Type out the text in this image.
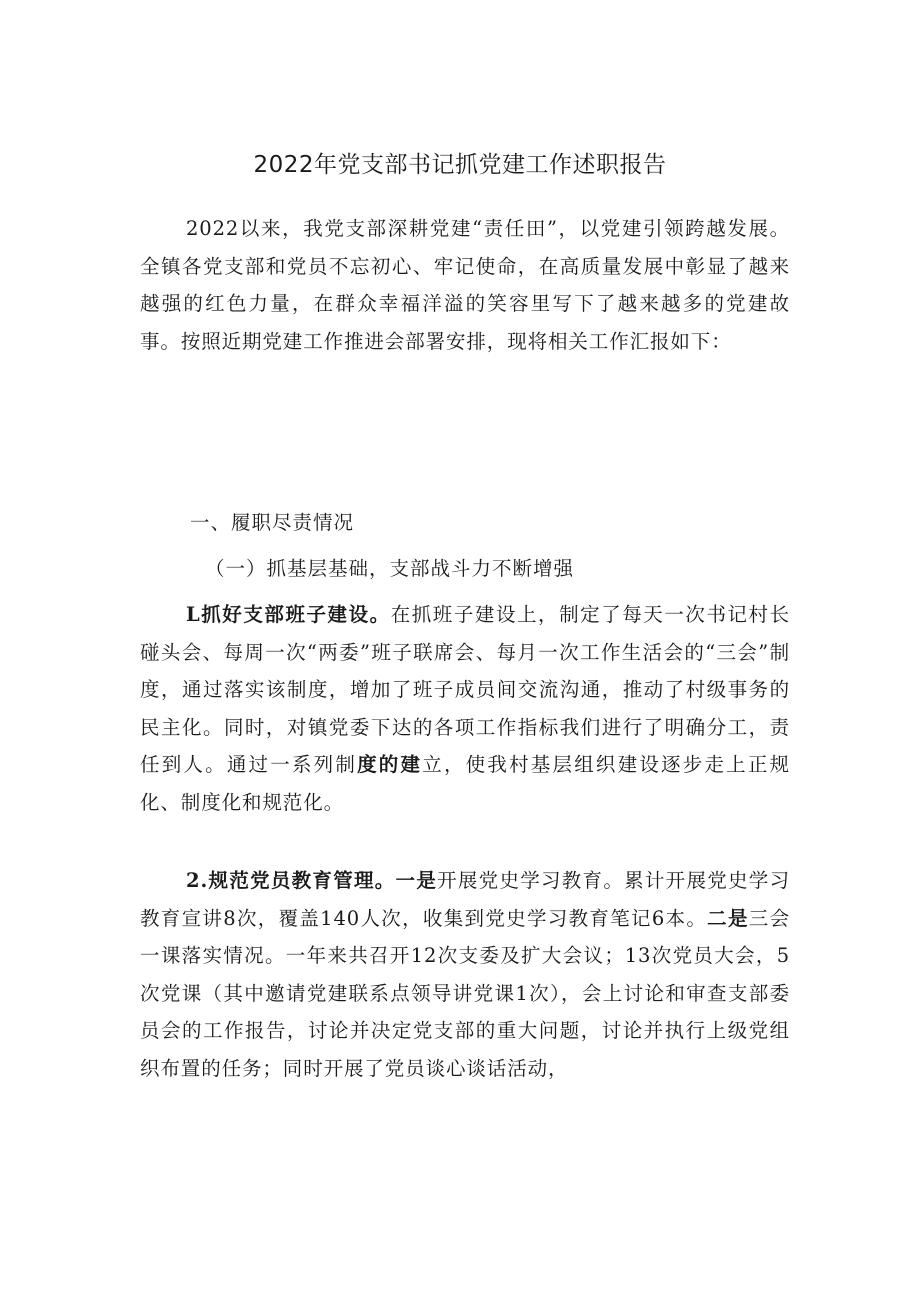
2022年党支部书记抓党建工作述职报告

2022以来，我党支部深耕党建“责任田”，以党建引领跨越发展。全镇各党支部和党员不忘初心、牢记使命，在高质量发展中彰显了越来越强的红色力量，在群众幸福洋溢的笑容里写下了越来越多的党建故事。按照近期党建工作推进会部署安排，现将相关工作汇报如下：

一、履职尽责情况

（一）抓基层基础，支部战斗力不断增强

L抓好支部班子建设。在抓班子建设上，制定了每天一次书记村长碰头会、每周一次“两委”班子联席会、每月一次工作生活会的“三会”制度，通过落实该制度，增加了班子成员间交流沟通，推动了村级事务的民主化。同时，对镇党委下达的各项工作指标我们进行了明确分工，责任到人。通过一系列制度的建立，使我村基层组织建设逐步走上正规化、制度化和规范化。

2.规范党员教育管理。一是开展党史学习教育。累计开展党史学习教育宣讲8次，覆盖140人次，收集到党史学习教育笔记6本。二是三会一课落实情况。一年来共召开12次支委及扩大会议；13次党员大会，5次党课（其中邀请党建联系点领导讲党课1次），会上讨论和审查支部委员会的工作报告，讨论并决定党支部的重大问题，讨论并执行上级党组织布置的任务；同时开展了党员谈心谈话活动，
